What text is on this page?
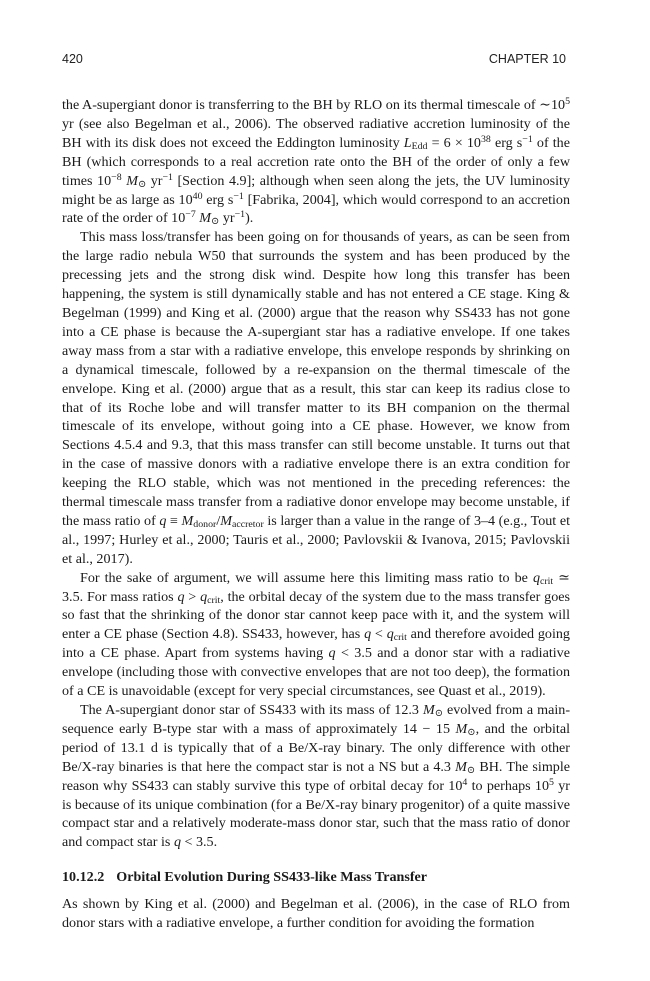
420	CHAPTER 10

the A-supergiant donor is transferring to the BH by RLO on its thermal timescale of $\sim 10^5$ yr (see also Begelman et al., 2006). The observed radiative accretion luminosity of the BH with its disk does not exceed the Eddington luminosity $L_{Edd} = 6 \times 10^{38}$ erg $s^{-1}$ of the BH (which corresponds to a real accretion rate onto the BH of the order of only a few times $10^{-8}$ $M_⊙$ $yr^{-1}$ [Section 4.9]; although when seen along the jets, the UV luminosity might be as large as $10^{40}$ erg $s^{-1}$ [Fabrika, 2004], which would correspond to an accretion rate of the order of $10^{-7}$ $M_⊙$ $yr^{-1}$).

This mass loss/transfer has been going on for thousands of years, as can be seen from the large radio nebula W50 that surrounds the system and has been produced by the precessing jets and the strong disk wind. Despite how long this transfer has been happening, the system is still dynamically stable and has not entered a CE stage. King & Begelman (1999) and King et al. (2000) argue that the reason why SS433 has not gone into a CE phase is because the A-supergiant star has a radiative envelope. If one takes away mass from a star with a radiative envelope, this envelope responds by shrinking on a dynamical timescale, followed by a re-expansion on the thermal timescale of the envelope. King et al. (2000) argue that as a result, this star can keep its radius close to that of its Roche lobe and will transfer matter to its BH companion on the thermal timescale of its envelope, without going into a CE phase. However, we know from Sections 4.5.4 and 9.3, that this mass transfer can still become unstable. It turns out that in the case of massive donors with a radiative envelope there is an extra condition for keeping the RLO stable, which was not mentioned in the preceding references: the thermal timescale mass transfer from a radiative donor envelope may become unstable, if the mass ratio of $q \equiv M_{donor}/M_{accretor}$ is larger than a value in the range of 3–4 (e.g., Tout et al., 1997; Hurley et al., 2000; Tauris et al., 2000; Pavlovskii & Ivanova, 2015; Pavlovskii et al., 2017).

For the sake of argument, we will assume here this limiting mass ratio to be $q_{crit}$ ≃ 3.5. For mass ratios $q > q_{crit}$, the orbital decay of the system due to the mass transfer goes so fast that the shrinking of the donor star cannot keep pace with it, and the system will enter a CE phase (Section 4.8). SS433, however, has $q < q_{crit}$ and therefore avoided going into a CE phase. Apart from systems having q < 3.5 and a donor star with a radiative envelope (including those with convective envelopes that are not too deep), the formation of a CE is unavoidable (except for very special circumstances, see Quast et al., 2019).

The A-supergiant donor star of SS433 with its mass of 12.3 $M_⊙$ evolved from a main-sequence early B-type star with a mass of approximately 14 − 15 $M_⊙$, and the orbital period of 13.1 d is typically that of a Be/X-ray binary. The only difference with other Be/X-ray binaries is that here the compact star is not a NS but a 4.3 $M_⊙$ BH. The simple reason why SS433 can stably survive this type of orbital decay for $10^4$ to perhaps $10^5$ yr is because of its unique combination (for a Be/X-ray binary progenitor) of a quite massive compact star and a relatively moderate-mass donor star, such that the mass ratio of donor and compact star is q < 3.5.

10.12.2 Orbital Evolution During SS433-like Mass Transfer

As shown by King et al. (2000) and Begelman et al. (2006), in the case of RLO from donor stars with a radiative envelope, a further condition for avoiding the formation
